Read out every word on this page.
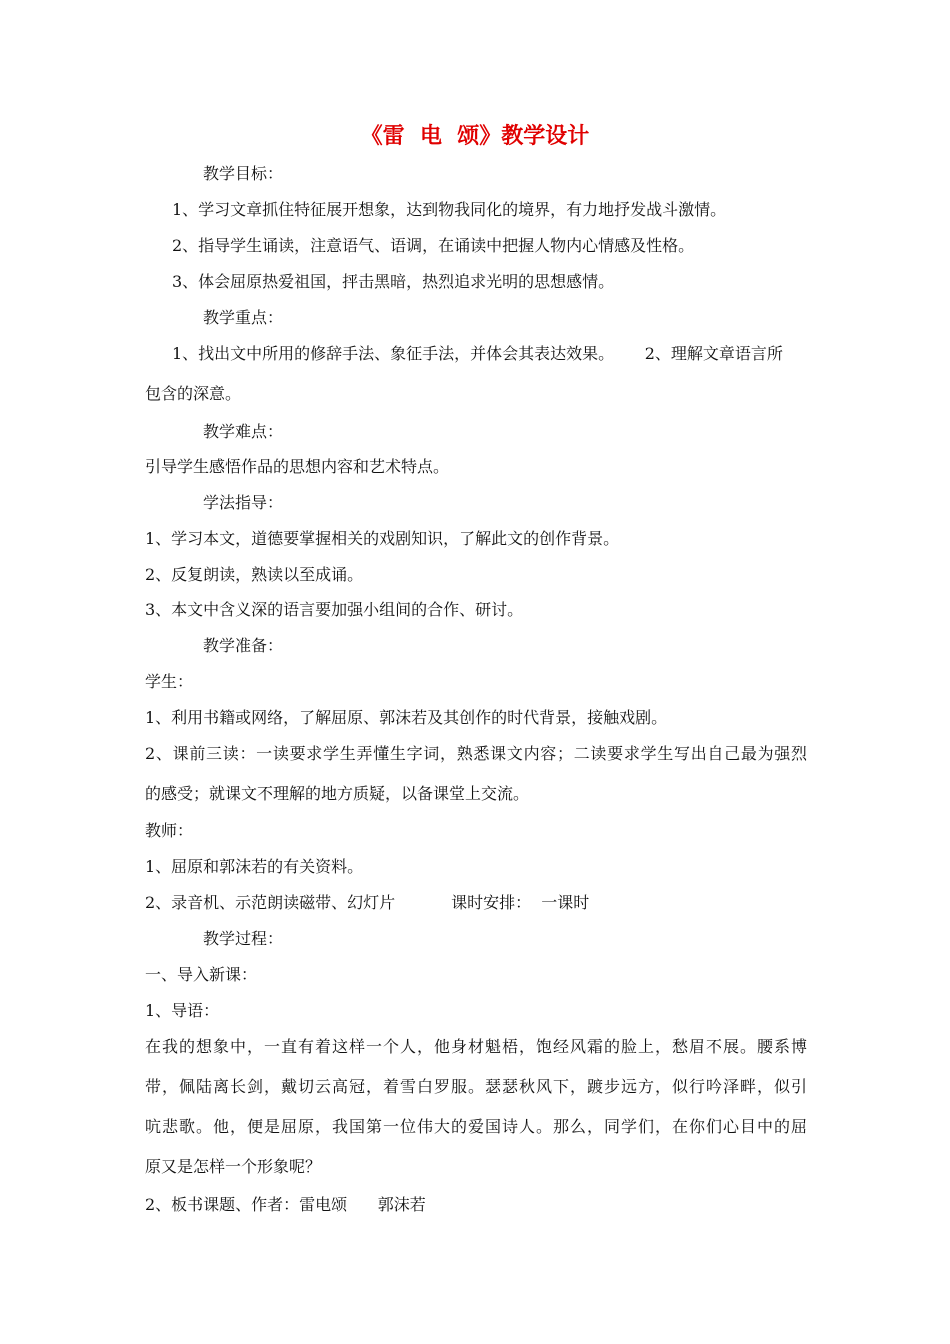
《雷  电  颂》教学设计
教学目标：
1、学习文章抓住特征展开想象，达到物我同化的境界，有力地抒发战斗激情。
2、指导学生诵读，注意语气、语调，在诵读中把握人物内心情感及性格。
3、体会屈原热爱祖国，抨击黑暗，热烈追求光明的思想感情。
教学重点：
1、找出文中所用的修辞手法、象征手法，并体会其表达效果。      2、理解文章语言所
包含的深意。
教学难点：
引导学生感悟作品的思想内容和艺术特点。
学法指导：
1、学习本文，道德要掌握相关的戏剧知识，了解此文的创作背景。
2、反复朗读，熟读以至成诵。
3、本文中含义深的语言要加强小组间的合作、研讨。
教学准备：
学生：
1、利用书籍或网络，了解屈原、郭沫若及其创作的时代背景，接触戏剧。
2、课前三读：一读要求学生弄懂生字词，熟悉课文内容；二读要求学生写出自己最为强烈
的感受；就课文不理解的地方质疑，以备课堂上交流。
教师：
1、屈原和郭沫若的有关资料。
2、录音机、示范朗读磁带、幻灯片           课时安排：  一课时
教学过程：
一、导入新课：
1、导语：
在我的想象中，一直有着这样一个人，他身材魁梧，饱经风霜的脸上，愁眉不展。腰系博
带，佩陆离长剑，戴切云高冠，着雪白罗服。瑟瑟秋风下，踱步远方，似行吟泽畔，似引
吭悲歌。他，便是屈原，我国第一位伟大的爱国诗人。那么，同学们，在你们心目中的屈
原又是怎样一个形象呢？
2、板书课题、作者：雷电颂      郭沫若
